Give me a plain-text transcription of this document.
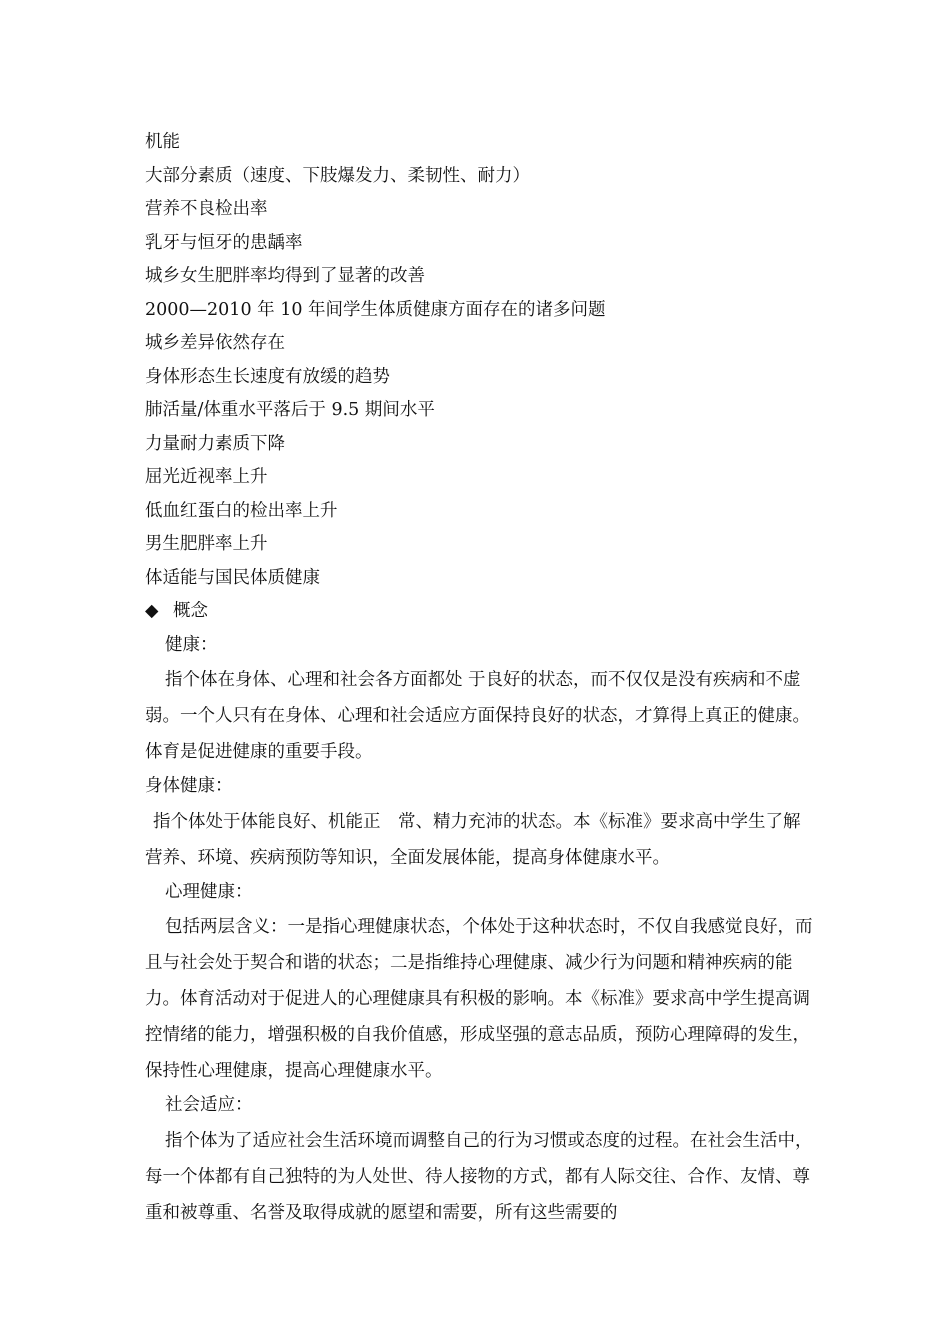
机能
大部分素质（速度、下肢爆发力、柔韧性、耐力）
营养不良检出率
乳牙与恒牙的患龋率
城乡女生肥胖率均得到了显著的改善
2000—2010 年 10 年间学生体质健康方面存在的诸多问题
城乡差异依然存在
身体形态生长速度有放缓的趋势
肺活量/体重水平落后于 9.5 期间水平
力量耐力素质下降
屈光近视率上升
低血红蛋白的检出率上升
男生肥胖率上升
体适能与国民体质健康
◆ 概念
健康：
指个体在身体、心理和社会各方面都处 于良好的状态，而不仅仅是没有疾病和不虚弱。一个人只有在身体、心理和社会适应方面保持良好的状态，才算得上真正的健康。体育是促进健康的重要手段。
身体健康：
指个体处于体能良好、机能正　常、精力充沛的状态。本《标准》要求高中学生了解营养、环境、疾病预防等知识，全面发展体能，提高身体健康水平。
心理健康：
包括两层含义：一是指心理健康状态，个体处于这种状态时，不仅自我感觉良好，而且与社会处于契合和谐的状态；二是指维持心理健康、减少行为问题和精神疾病的能力。体育活动对于促进人的心理健康具有积极的影响。本《标准》要求高中学生提高调控情绪的能力，增强积极的自我价值感，形成坚强的意志品质，预防心理障碍的发生，保持性心理健康，提高心理健康水平。
社会适应：
指个体为了适应社会生活环境而调整自己的行为习惯或态度的过程。在社会生活中，每一个体都有自己独特的为人处世、待人接物的方式，都有人际交往、合作、友情、尊重和被尊重、名誉及取得成就的愿望和需要，所有这些需要的
